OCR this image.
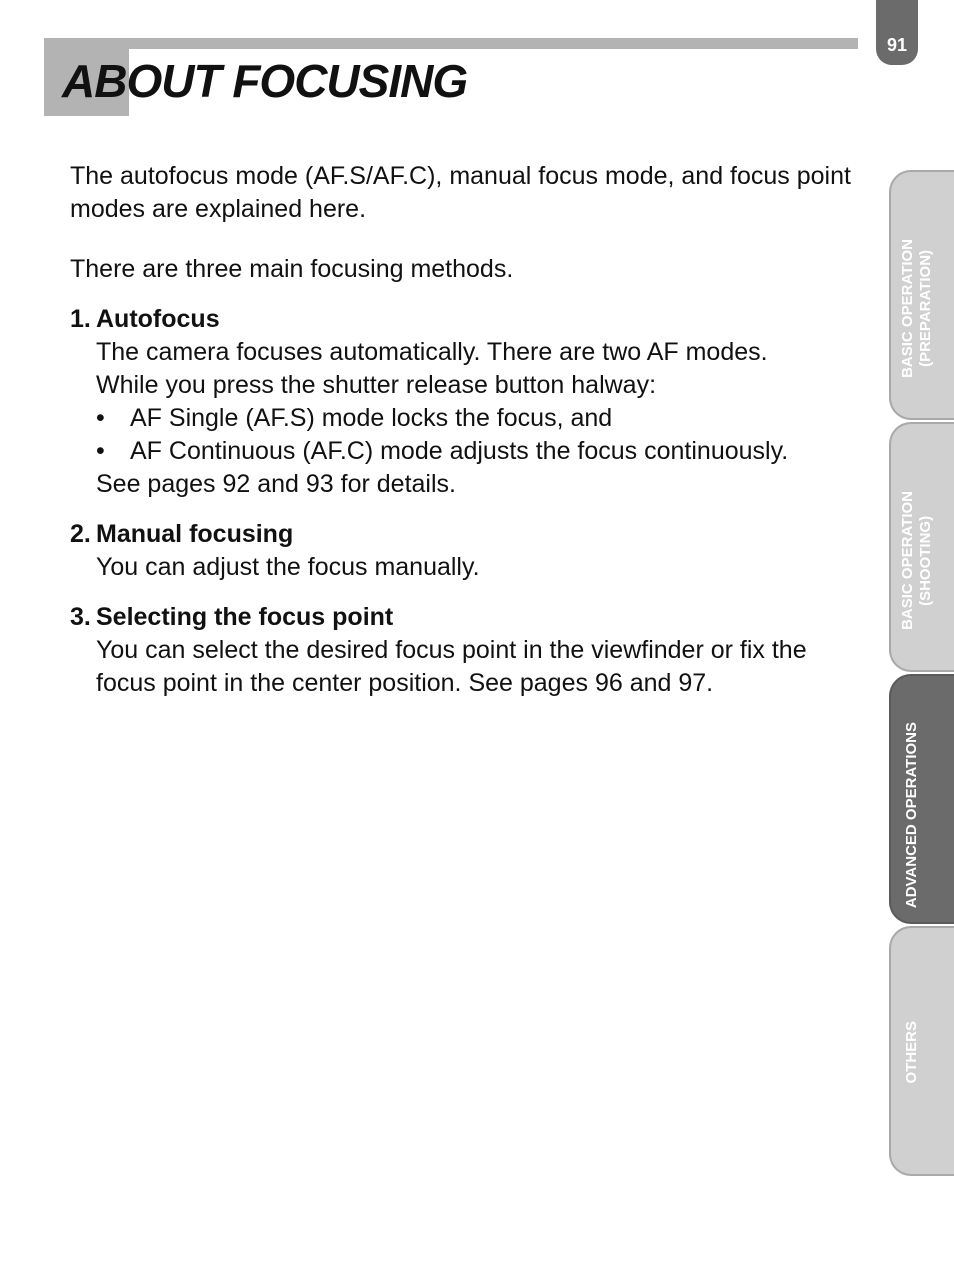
ABOUT FOCUSING
91

The autofocus mode (AF.S/AF.C), manual focus mode, and focus point modes are explained here.

There are three main focusing methods.

1. Autofocus

The camera focuses automatically. There are two AF modes.

While you press the shutter release button halway:

•	AF Single (AF.S) mode locks the focus, and
•	AF Continuous (AF.C) mode adjusts the focus continuously.

See pages 92 and 93 for details.

2. Manual focusing

You can adjust the focus manually.

3. Selecting the focus point

You can select the desired focus point in the viewfinder or fix the focus point in the center position. See pages 96 and 97.

BASIC OPERATION
(PREPARATION)
BASIC OPERATION
(SHOOTING)
ADVANCED OPERATIONS
OTHERS
